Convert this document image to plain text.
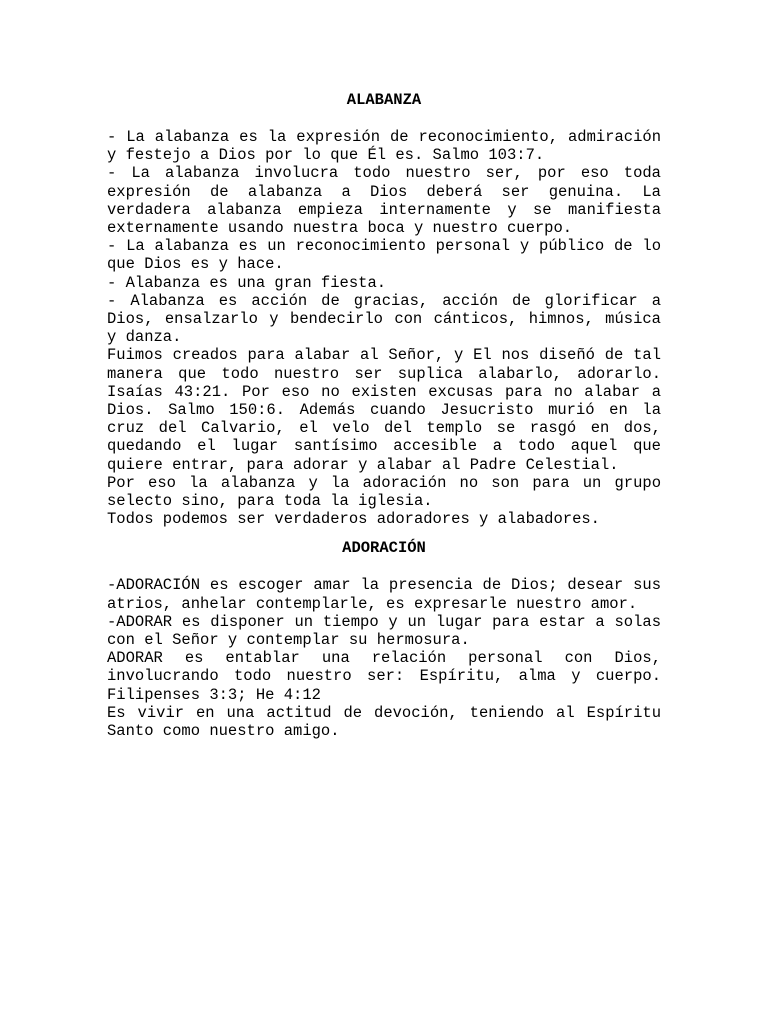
ALABANZA

- La alabanza es la expresión de reconocimiento, admiración y festejo a Dios por lo que Él es. Salmo 103:7.

- La alabanza involucra todo nuestro ser, por eso toda expresión de alabanza a Dios deberá ser genuina. La verdadera alabanza empieza internamente y se manifiesta externamente usando nuestra boca y nuestro cuerpo.

- La alabanza es un reconocimiento personal y público de lo que Dios es y hace.

- Alabanza es una gran fiesta.

- Alabanza es acción de gracias, acción de glorificar a Dios, ensalzarlo y bendecirlo con cánticos, himnos, música y danza.

Fuimos creados para alabar al Señor, y El nos diseñó de tal manera que todo nuestro ser suplica alabarlo, adorarlo. Isaías 43:21. Por eso no existen excusas para no alabar a Dios. Salmo 150:6. Además cuando Jesucristo murió en la cruz del Calvario, el velo del templo se rasgó en dos, quedando el lugar santísimo accesible a todo aquel que quiere entrar, para adorar y alabar al Padre Celestial.

Por eso la alabanza y la adoración no son para un grupo selecto sino, para toda la iglesia.

Todos podemos ser verdaderos adoradores y alabadores.

ADORACIÓN

-ADORACIÓN es escoger amar la presencia de Dios; desear sus atrios, anhelar contemplarle, es expresarle nuestro amor.

-ADORAR es disponer un tiempo y un lugar para estar a solas con el Señor y contemplar su hermosura.

ADORAR es entablar una relación personal con Dios, involucrando todo nuestro ser: Espíritu, alma y cuerpo. Filipenses 3:3; He 4:12

Es vivir en una actitud de devoción, teniendo al Espíritu Santo como nuestro amigo.
